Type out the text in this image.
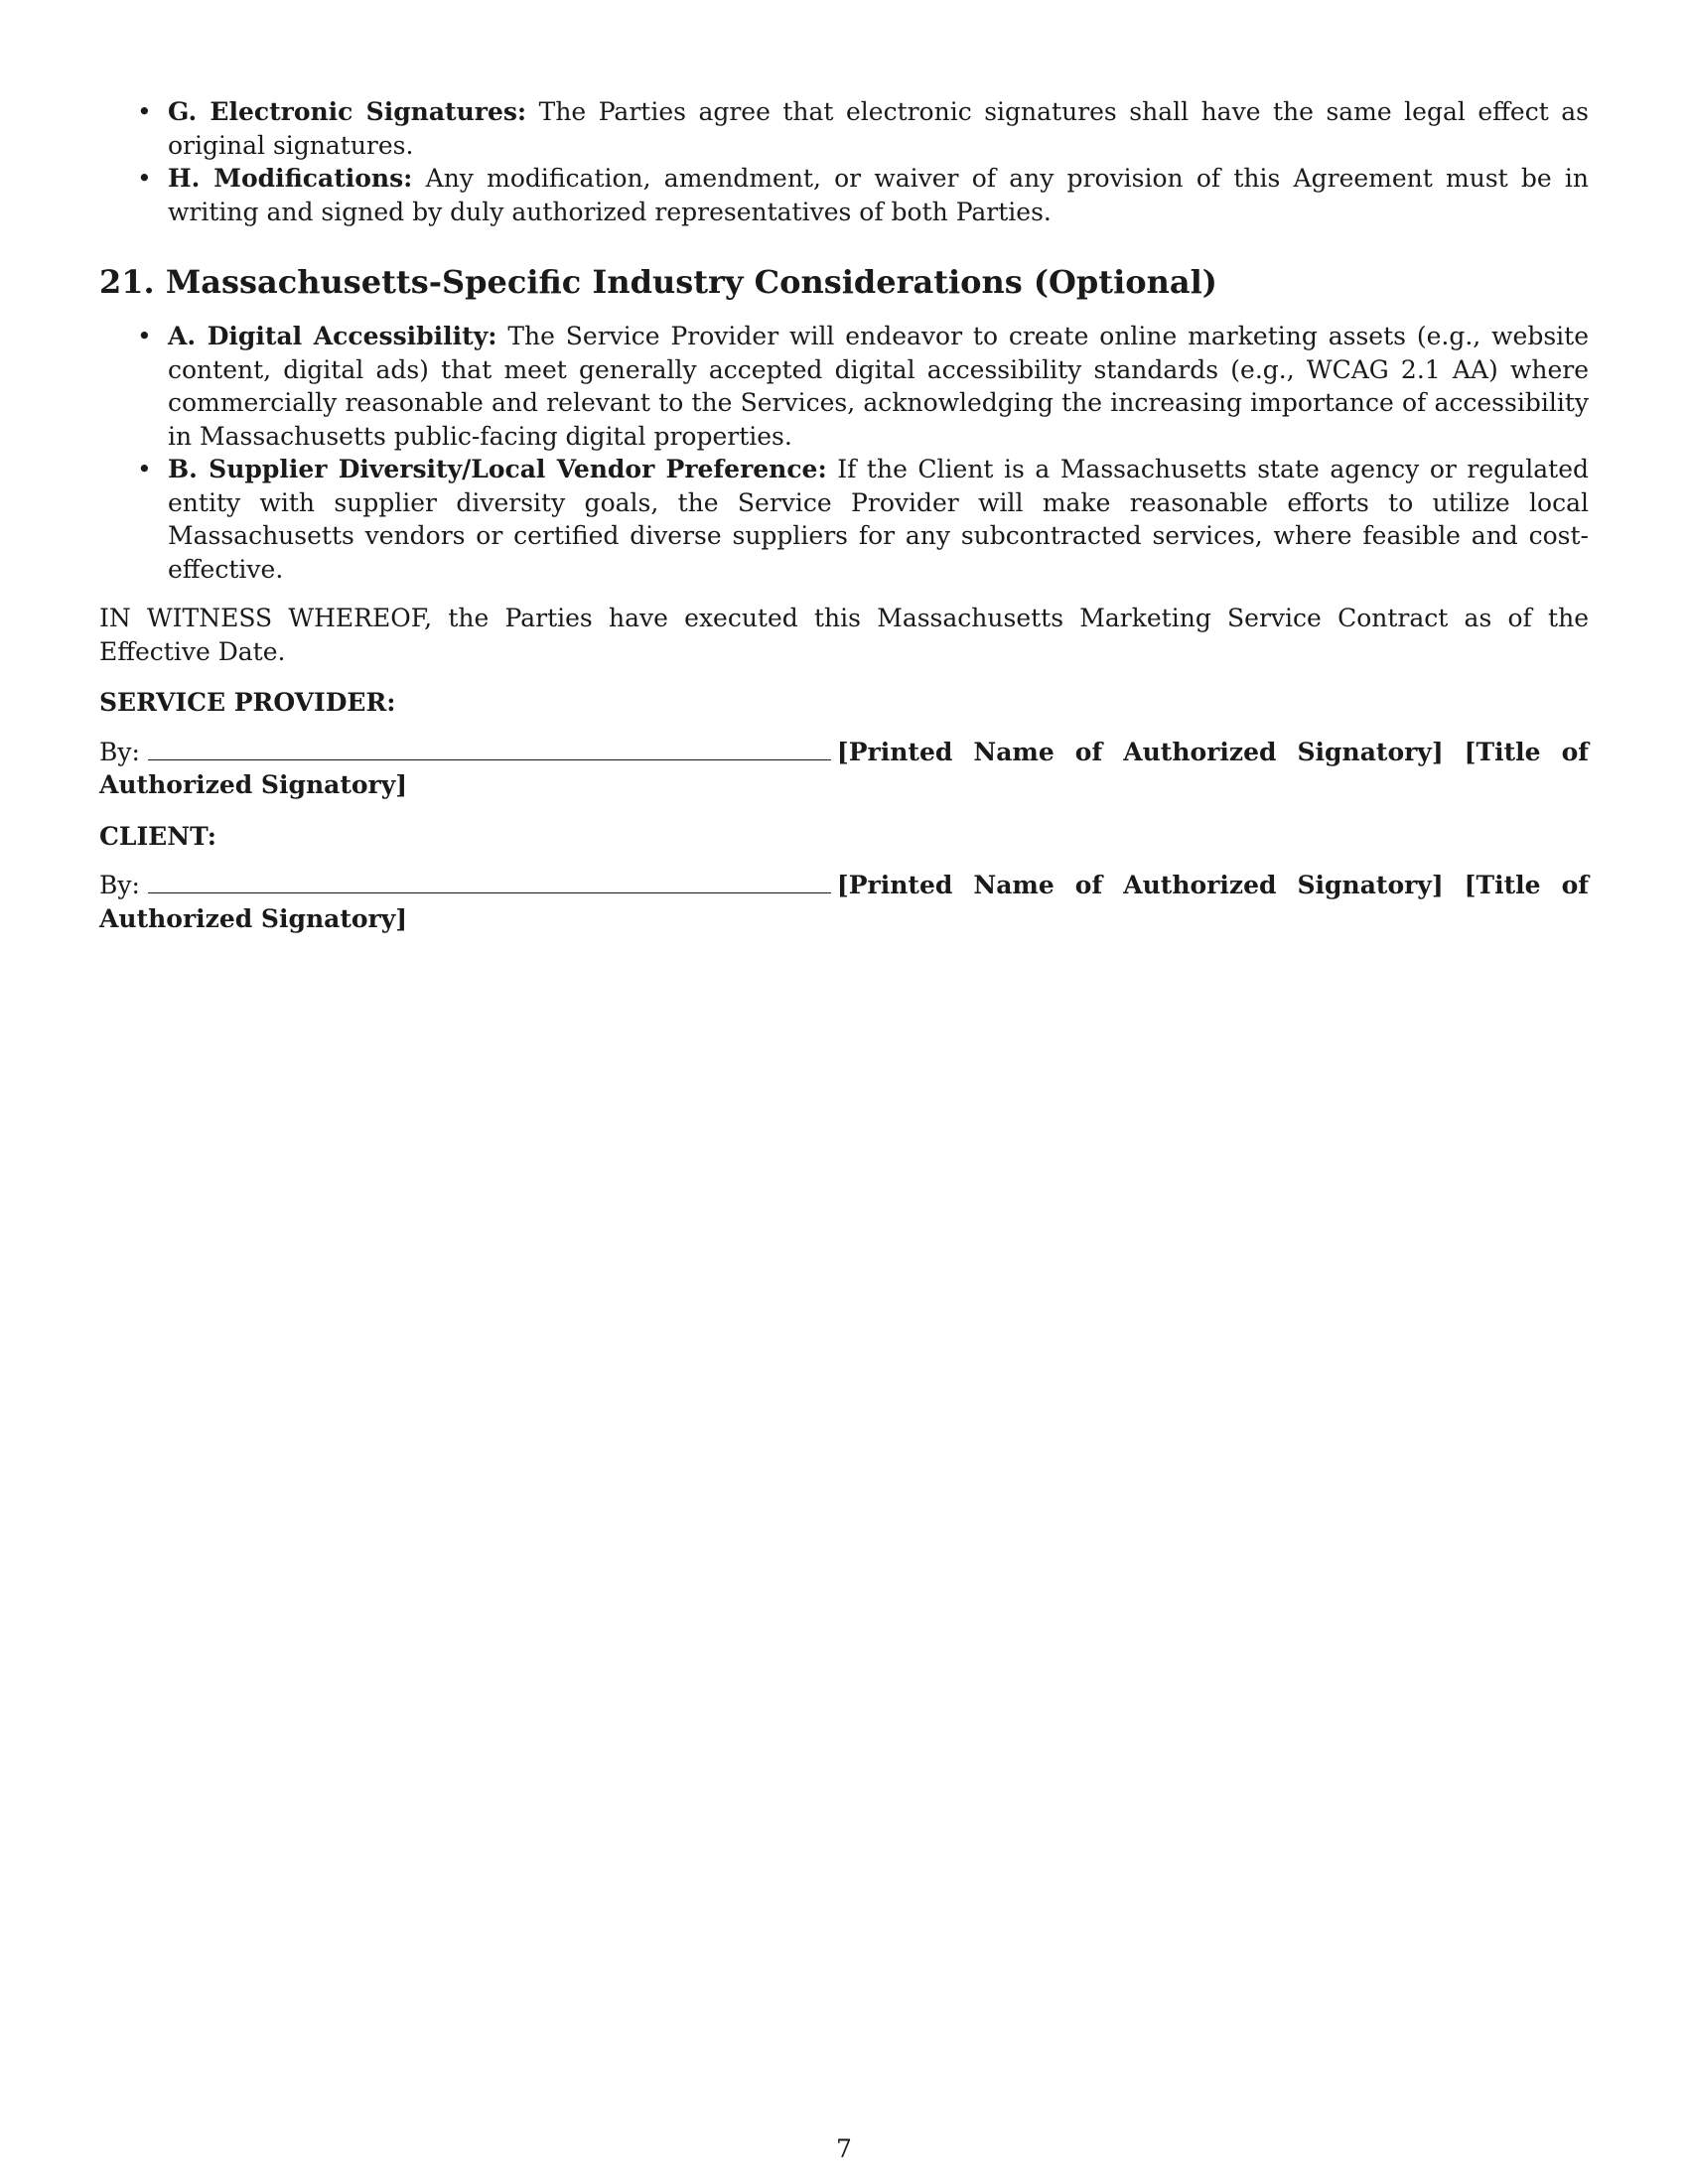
• G. Electronic Signatures: The Parties agree that electronic signatures shall have the same legal effect as original signatures.
• H. Modifications: Any modification, amendment, or waiver of any provision of this Agreement must be in writing and signed by duly authorized representatives of both Parties.
21. Massachusetts-Specific Industry Considerations (Optional)
• A. Digital Accessibility: The Service Provider will endeavor to create online marketing assets (e.g., website content, digital ads) that meet generally accepted digital accessibility standards (e.g., WCAG 2.1 AA) where commercially reasonable and relevant to the Services, acknowledging the increasing importance of accessibility in Massachusetts public-facing digital properties.
• B. Supplier Diversity/Local Vendor Preference: If the Client is a Massachusetts state agency or regulated entity with supplier diversity goals, the Service Provider will make reasonable efforts to utilize local Massachusetts vendors or certified diverse suppliers for any subcontracted services, where feasible and cost-effective.

IN WITNESS WHEREOF, the Parties have executed this Massachusetts Marketing Service Contract as of the Effective Date.

SERVICE PROVIDER:

By:	[Printed Name of Authorized Signatory] [Title of Authorized Signatory]

CLIENT:

By:	[Printed Name of Authorized Signatory] [Title of Authorized Signatory]

7
